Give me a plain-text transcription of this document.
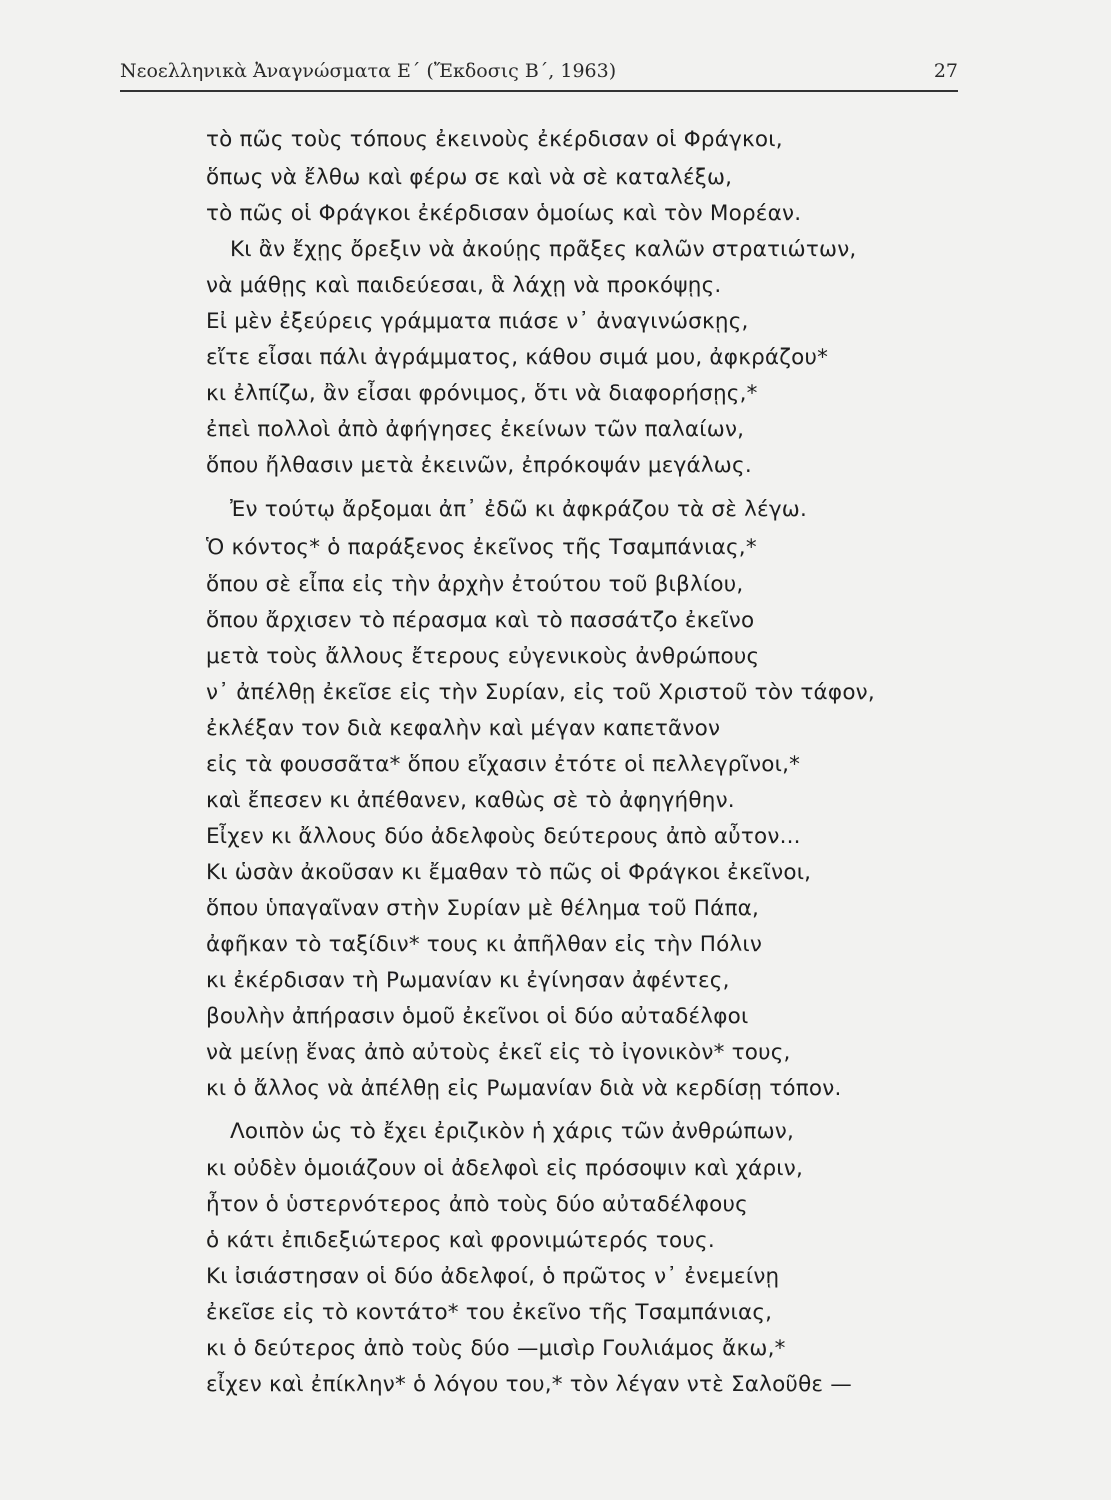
Νεοελληνικὰ Ἀναγνώσματα Ε΄ (Ἔκδοσις Β΄, 1963)	27
τὸ πῶς τοὺς τόπους ἐκεινοὺς ἐκέρδισαν οἱ Φράγκοι,
ὅπως νὰ ἔλθω καὶ φέρω σε καὶ νὰ σὲ καταλέξω,
τὸ πῶς οἱ Φράγκοι ἐκέρδισαν ὁμοίως καὶ τὸν Μορέαν.
Κι ἂν ἔχῃς ὄρεξιν νὰ ἀκούῃς πρᾶξες καλῶν στρατιώτων,
νὰ μάθῃς καὶ παιδεύεσαι, ἃ λάχῃ νὰ προκόψῃς.
Εἰ μὲν ἐξεύρεις γράμματα πιάσε ν᾽ ἀναγινώσκῃς,
εἴτε εἶσαι πάλι ἀγράμματος, κάθου σιμά μου, ἀφκράζου*
κι ἐλπίζω, ἂν εἶσαι φρόνιμος, ὅτι νὰ διαφορήσῃς,*
ἐπεὶ πολλοὶ ἀπὸ ἀφήγησες ἐκείνων τῶν παλαίων,
ὅπου ἤλθασιν μετὰ ἐκεινῶν, ἐπρόκοψάν μεγάλως.
Ἐν τούτῳ ἄρξομαι ἀπ᾽ ἐδῶ κι ἀφκράζου τὰ σὲ λέγω.
Ὁ κόντος* ὁ παράξενος ἐκεῖνος τῆς Τσαμπάνιας,*
ὅπου σὲ εἶπα εἰς τὴν ἀρχὴν ἐτούτου τοῦ βιβλίου,
ὅπου ἄρχισεν τὸ πέρασμα καὶ τὸ πασσάτζο ἐκεῖνο
μετὰ τοὺς ἄλλους ἔτερους εὐγενικοὺς ἀνθρώπους
ν᾽ ἀπέλθῃ ἐκεῖσε εἰς τὴν Συρίαν, εἰς τοῦ Χριστοῦ τὸν τάφον,
ἐκλέξαν τον διὰ κεφαλὴν καὶ μέγαν καπετᾶνον
εἰς τὰ φουσσᾶτα* ὅπου εἴχασιν ἐτότε οἱ πελλεγρῖνοι,*
καὶ ἔπεσεν κι ἀπέθανεν, καθὼς σὲ τὸ ἀφηγήθην.
Εἶχεν κι ἄλλους δύο ἀδελφοὺς δεύτερους ἀπὸ αὖτον...
Κι ὡσὰν ἀκοῦσαν κι ἔμαθαν τὸ πῶς οἱ Φράγκοι ἐκεῖνοι,
ὅπου ὑπαγαῖναν στὴν Συρίαν μὲ θέλημα τοῦ Πάπα,
ἀφῆκαν τὸ ταξίδιν* τους κι ἀπῆλθαν εἰς τὴν Πόλιν
κι ἐκέρδισαν τὴ Ρωμανίαν κι ἐγίνησαν ἀφέντες,
βουλὴν ἀπήρασιν ὁμοῦ ἐκεῖνοι οἱ δύο αὐταδέλφοι
νὰ μείνῃ ἕνας ἀπὸ αὐτοὺς ἐκεῖ εἰς τὸ ἰγονικὸν* τους,
κι ὁ ἄλλος νὰ ἀπέλθῃ εἰς Ρωμανίαν διὰ νὰ κερδίσῃ τόπον.
Λοιπὸν ὡς τὸ ἔχει ἐριζικὸν ἡ χάρις τῶν ἀνθρώπων,
κι οὐδὲν ὁμοιάζουν οἱ ἀδελφοὶ εἰς πρόσοψιν καὶ χάριν,
ἦτον ὁ ὑστερνότερος ἀπὸ τοὺς δύο αὐταδέλφους
ὁ κάτι ἐπιδεξιώτερος καὶ φρονιμώτερός τους.
Κι ἰσιάστησαν οἱ δύο ἀδελφοί, ὁ πρῶτος ν᾽ ἐνεμείνῃ
ἐκεῖσε εἰς τὸ κοντάτο* του ἐκεῖνο τῆς Τσαμπάνιας,
κι ὁ δεύτερος ἀπὸ τοὺς δύο —μισὶρ Γουλιάμος ἄκω,*
εἶχεν καὶ ἐπίκλην* ὁ λόγου του,* τὸν λέγαν ντὲ Σαλοῦθε —
